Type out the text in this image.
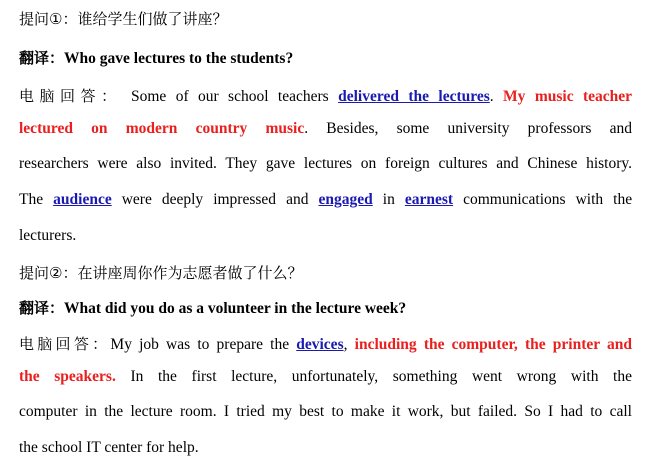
提问①：谁给学生们做了讲座？
翻译：Who gave lectures to the students?
电脑回答： Some of our school teachers delivered the lectures. My music teacher
lectured on modern country music. Besides, some university professors and
researchers were also invited. They gave lectures on foreign cultures and Chinese history.
The audience were deeply impressed and engaged in earnest communications with the
lecturers.
提问②：在讲座周你作为志愿者做了什么？
翻译：What did you do as a volunteer in the lecture week?
电脑回答：My job was to prepare the devices, including the computer, the printer and
the speakers. In the first lecture, unfortunately, something went wrong with the
computer in the lecture room. I tried my best to make it work, but failed. So I had to call
the school IT center for help.
